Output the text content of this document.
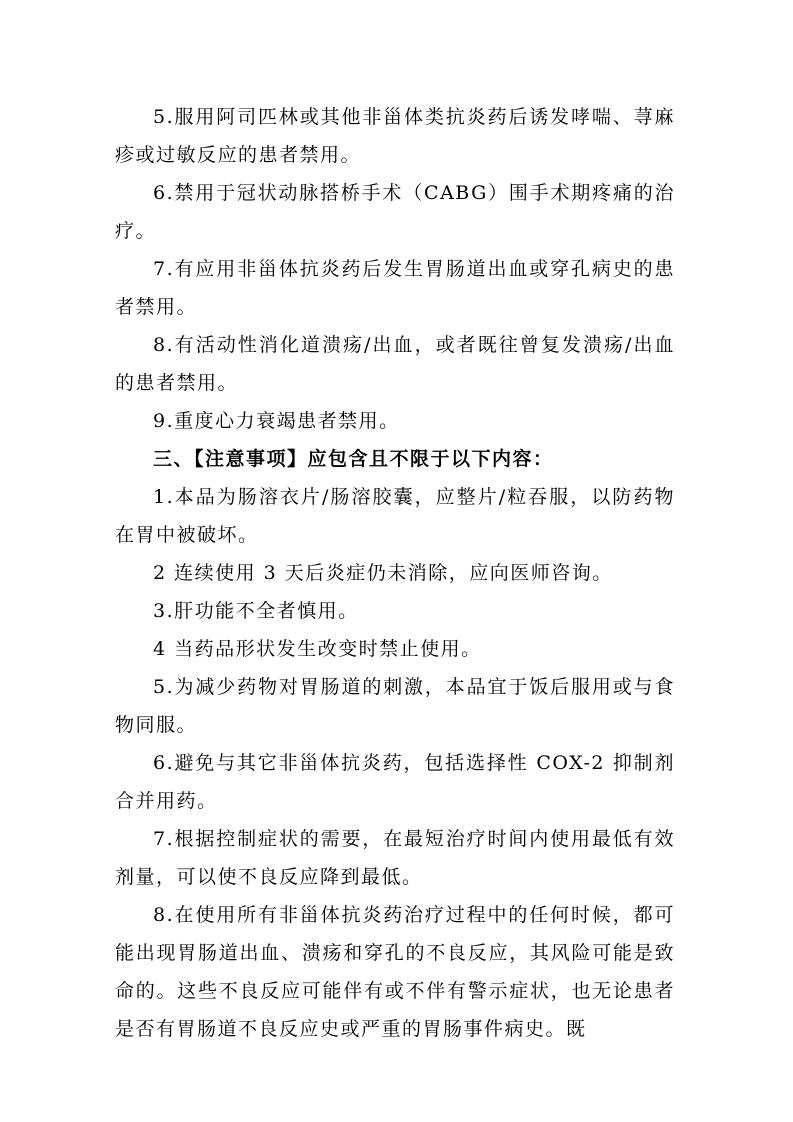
5.服用阿司匹林或其他非甾体类抗炎药后诱发哮喘、荨麻疹或过敏反应的患者禁用。

6.禁用于冠状动脉搭桥手术（CABG）围手术期疼痛的治疗。

7.有应用非甾体抗炎药后发生胃肠道出血或穿孔病史的患者禁用。

8.有活动性消化道溃疡/出血，或者既往曾复发溃疡/出血的患者禁用。

9.重度心力衰竭患者禁用。

三、【注意事项】应包含且不限于以下内容：

1.本品为肠溶衣片/肠溶胶囊，应整片/粒吞服，以防药物在胃中被破坏。

2 连续使用 3 天后炎症仍未消除，应向医师咨询。

3.肝功能不全者慎用。

4 当药品形状发生改变时禁止使用。

5.为减少药物对胃肠道的刺激，本品宜于饭后服用或与食物同服。

6.避免与其它非甾体抗炎药，包括选择性 COX-2 抑制剂合并用药。

7.根据控制症状的需要，在最短治疗时间内使用最低有效剂量，可以使不良反应降到最低。

8.在使用所有非甾体抗炎药治疗过程中的任何时候，都可能出现胃肠道出血、溃疡和穿孔的不良反应，其风险可能是致命的。这些不良反应可能伴有或不伴有警示症状，也无论患者是否有胃肠道不良反应史或严重的胃肠事件病史。既
